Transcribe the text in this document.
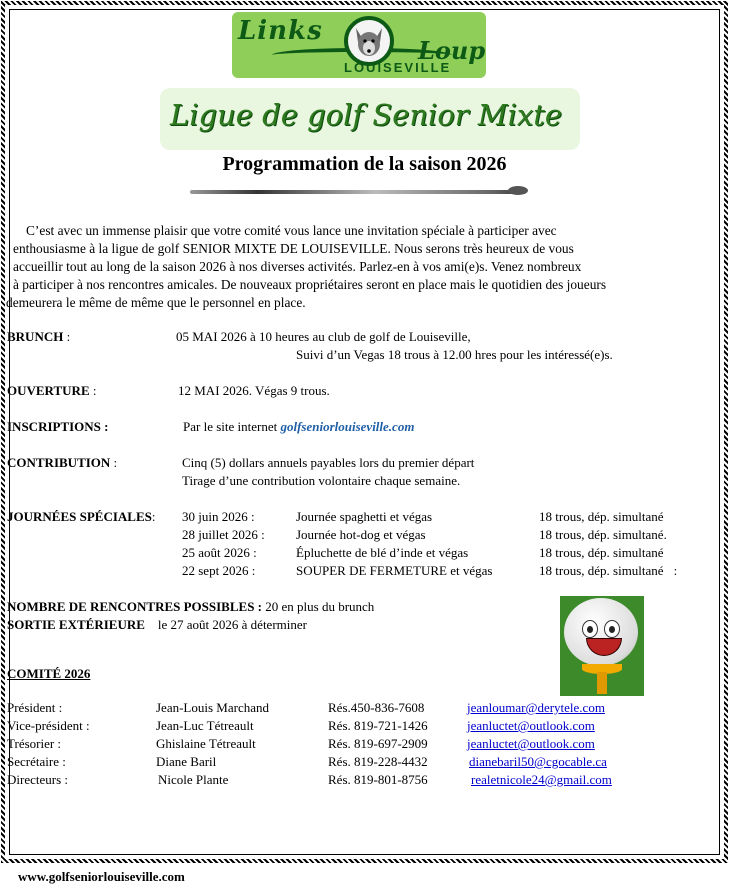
Links
Loup
LOUISEVILLE
Ligue de golf Senior Mixte
Programmation de la saison 2026
C’est avec un immense plaisir que votre comité vous lance une invitation spéciale à participer avec
enthousiasme à la ligue de golf SENIOR MIXTE DE LOUISEVILLE. Nous serons très heureux de vous
accueillir tout au long de la saison 2026 à nos diverses activités. Parlez-en à vos ami(e)s. Venez nombreux
à participer à nos rencontres amicales. De nouveaux propriétaires seront en place mais le quotidien des joueurs
demeurera le même de même que le personnel en place.
BRUNCH :	05 MAI 2026 à 10 heures au club de golf de Louiseville,
Suivi d’un Vegas 18 trous à 12.00 hres pour les intéressé(e)s.
OUVERTURE :	12 MAI 2026. Végas 9 trous.
INSCRIPTIONS :	Par le site internet golfseniorlouiseville.com
CONTRIBUTION :	Cinq (5) dollars annuels payables lors du premier départ
Tirage d’une contribution volontaire chaque semaine.
JOURNÉES SPÉCIALES: 30 juin 2026 :	Journée spaghetti et végas	18 trous, dép. simultané
28 juillet 2026 : Journée hot-dog et végas	18 trous, dép. simultané.
25 août 2026 :	Épluchette de blé d’inde et végas	18 trous, dép. simultané
22 sept 2026 :	SOUPER DE FERMETURE et végas	18 trous, dép. simultané :
NOMBRE DE RENCONTRES POSSIBLES : 20 en plus du brunch
SORTIE EXTÉRIEURE le 27 août 2026 à déterminer
COMITÉ 2026
Président :	Jean-Louis Marchand	Rés.450-836-7608	jeanloumar@derytele.com
Vice-président :	Jean-Luc Tétreault	Rés. 819-721-1426	jeanluctet@outlook.com
Trésorier :	Ghislaine Tétreault	Rés. 819-697-2909	jeanluctet@outlook.com
Secrétaire :	Diane Baril	Rés. 819-228-4432	dianebaril50@cgocable.ca
Directeurs :	Nicole Plante	Rés. 819-801-8756	realetnicole24@gmail.com
www.golfseniorlouiseville.com
